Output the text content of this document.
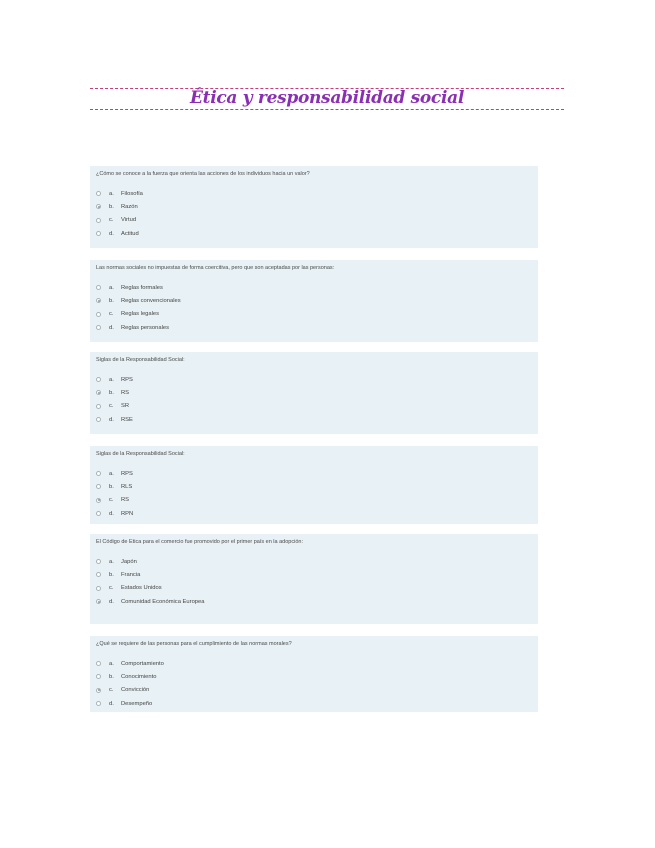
Ética y responsabilidad social
¿Cómo se conoce a la fuerza que orienta las acciones de los individuos hacia un valor?
a.	Filosofía
b.	Razón
c.	Virtud
d.	Actitud
Las normas sociales no impuestas de forma coercitiva, pero que son aceptadas por las personas:
a.	Reglas formales
b.	Reglas convencionales
c.	Reglas legales
d.	Reglas personales
Siglas de la Responsabilidad Social:
a.	RPS
b.	RS
c.	SR
d.	RSE
Siglas de la Responsabilidad Social:
a.	RPS
b.	RLS
c.	RS
d.	RPN
El Código de Ética para el comercio fue promovido por el primer país en la adopción:
a.	Japón
b.	Francia
c.	Estados Unidos
d.	Comunidad Económica Europea
¿Qué se requiere de las personas para el cumplimiento de las normas morales?
a.	Comportamiento
b.	Conocimiento
c.	Convicción
d.	Desempeño
